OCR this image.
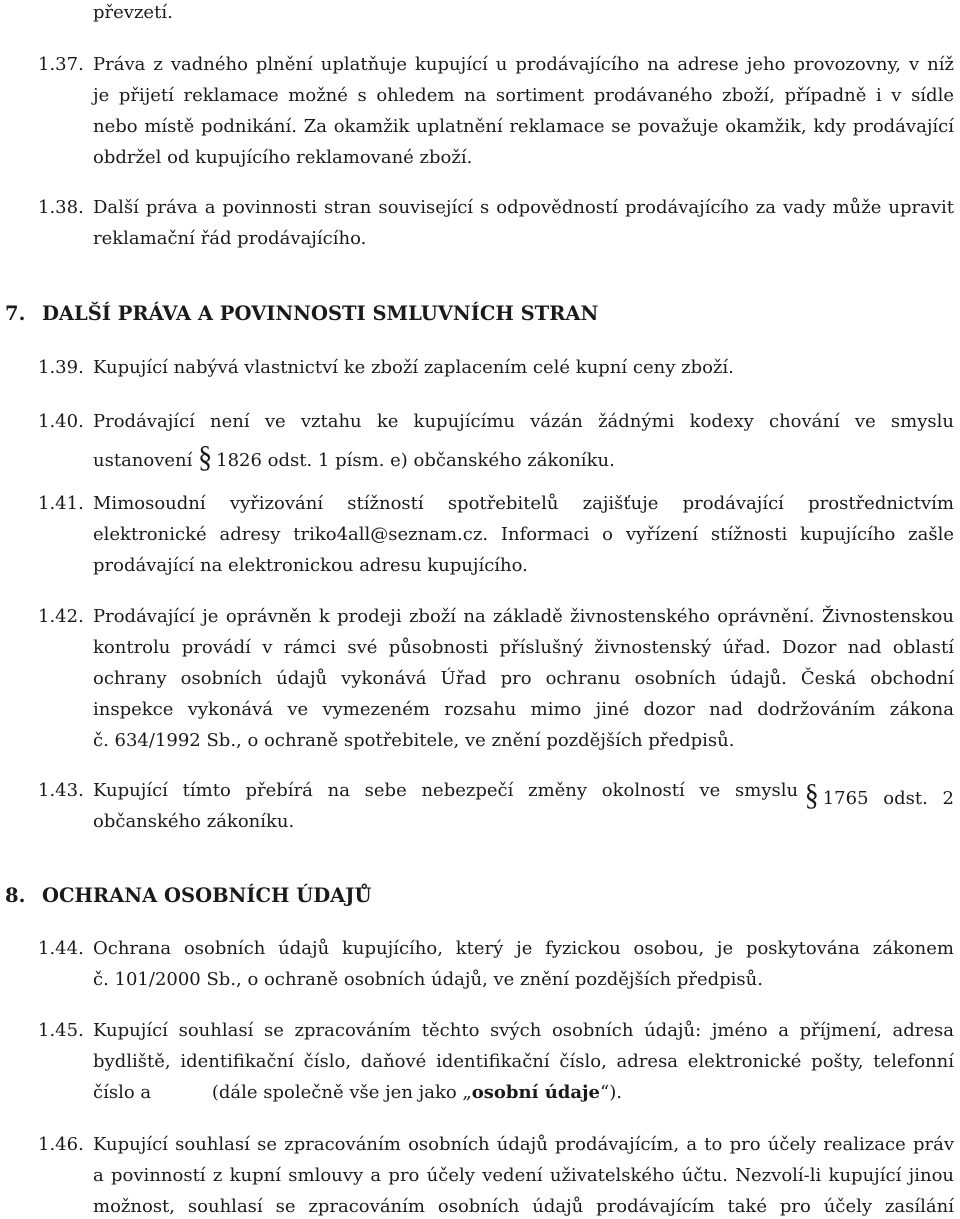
převzetí.
1.37. Práva z vadného plnění uplatňuje kupující u prodávajícího na adrese jeho provozovny, v níž
je přijetí reklamace možné s ohledem na sortiment prodávaného zboží, případně i v sídle
nebo místě podnikání. Za okamžik uplatnění reklamace se považuje okamžik, kdy prodávající
obdržel od kupujícího reklamované zboží.
1.38. Další práva a povinnosti stran související s odpovědností prodávajícího za vady může upravit
reklamační řád prodávajícího.
7. DALŠÍ PRÁVA A POVINNOSTI SMLUVNÍCH STRAN
1.39. Kupující nabývá vlastnictví ke zboží zaplacením celé kupní ceny zboží.
1.40. Prodávající není ve vztahu ke kupujícímu vázán žádnými kodexy chování ve smyslu
ustanovení § 1826 odst. 1 písm. e) občanského zákoníku.
1.41. Mimosoudní vyřizování stížností spotřebitelů zajišťuje prodávající prostřednictvím
elektronické adresy triko4all@seznam.cz. Informaci o vyřízení stížnosti kupujícího zašle
prodávající na elektronickou adresu kupujícího.
1.42. Prodávající je oprávněn k prodeji zboží na základě živnostenského oprávnění. Živnostenskou
kontrolu provádí v rámci své působnosti příslušný živnostenský úřad. Dozor nad oblastí
ochrany osobních údajů vykonává Úřad pro ochranu osobních údajů. Česká obchodní
inspekce vykonává ve vymezeném rozsahu mimo jiné dozor nad dodržováním zákona
č. 634/1992 Sb., o ochraně spotřebitele, ve znění pozdějších předpisů.
1.43. Kupující tímto přebírá na sebe nebezpečí změny okolností ve smyslu § 1765 odst. 2
občanského zákoníku.
8. OCHRANA OSOBNÍCH ÚDAJŮ
1.44. Ochrana osobních údajů kupujícího, který je fyzickou osobou, je poskytována zákonem
č. 101/2000 Sb., o ochraně osobních údajů, ve znění pozdějších předpisů.
1.45. Kupující souhlasí se zpracováním těchto svých osobních údajů: jméno a příjmení, adresa
bydliště, identifikační číslo, daňové identifikační číslo, adresa elektronické pošty, telefonní
číslo a	(dále společně vše jen jako „osobní údaje“).
1.46. Kupující souhlasí se zpracováním osobních údajů prodávajícím, a to pro účely realizace práv
a povinností z kupní smlouvy a pro účely vedení uživatelského účtu. Nezvolí-li kupující jinou
možnost, souhlasí se zpracováním osobních údajů prodávajícím také pro účely zasílání
